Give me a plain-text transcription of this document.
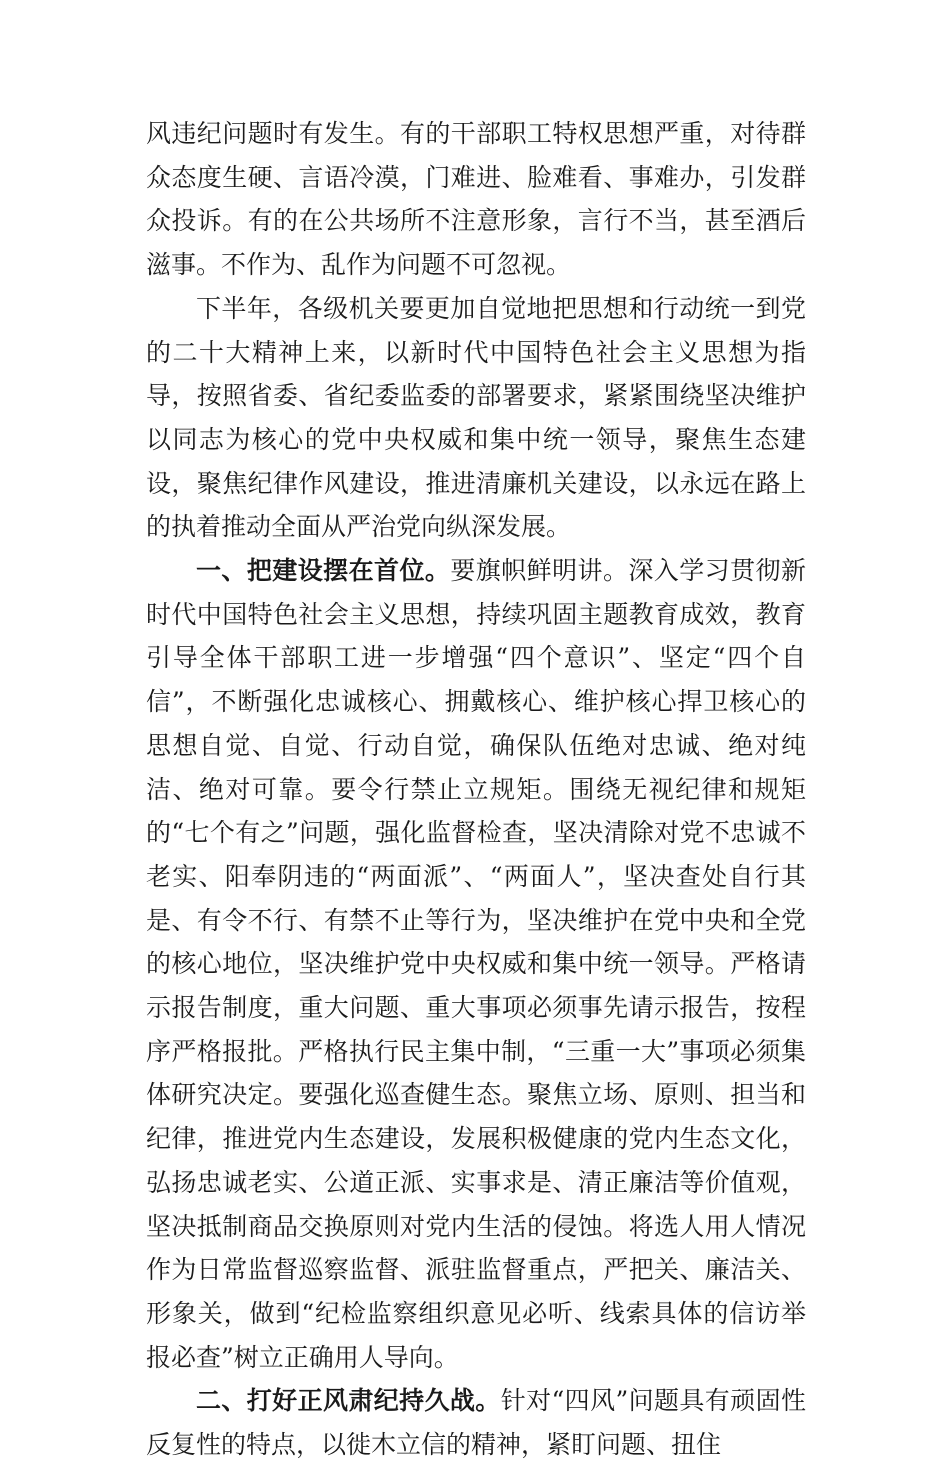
风违纪问题时有发生。有的干部职工特权思想严重，对待群众态度生硬、言语冷漠，门难进、脸难看、事难办，引发群众投诉。有的在公共场所不注意形象，言行不当，甚至酒后滋事。不作为、乱作为问题不可忽视。

下半年，各级机关要更加自觉地把思想和行动统一到党的二十大精神上来，以新时代中国特色社会主义思想为指导，按照省委、省纪委监委的部署要求，紧紧围绕坚决维护以同志为核心的党中央权威和集中统一领导，聚焦生态建设，聚焦纪律作风建设，推进清廉机关建设，以永远在路上的执着推动全面从严治党向纵深发展。

一、把建设摆在首位。要旗帜鲜明讲。深入学习贯彻新时代中国特色社会主义思想，持续巩固主题教育成效，教育引导全体干部职工进一步增强“四个意识”、坚定“四个自信”，不断强化忠诚核心、拥戴核心、维护核心捍卫核心的思想自觉、自觉、行动自觉，确保队伍绝对忠诚、绝对纯洁、绝对可靠。要令行禁止立规矩。围绕无视纪律和规矩的“七个有之”问题，强化监督检查，坚决清除对党不忠诚不老实、阳奉阴违的“两面派”、“两面人”，坚决查处自行其是、有令不行、有禁不止等行为，坚决维护在党中央和全党的核心地位，坚决维护党中央权威和集中统一领导。严格请示报告制度，重大问题、重大事项必须事先请示报告，按程序严格报批。严格执行民主集中制，“三重一大”事项必须集体研究决定。要强化巡查健生态。聚焦立场、原则、担当和纪律，推进党内生态建设，发展积极健康的党内生态文化，弘扬忠诚老实、公道正派、实事求是、清正廉洁等价值观，坚决抵制商品交换原则对党内生活的侵蚀。将选人用人情况作为日常监督巡察监督、派驻监督重点，严把关、廉洁关、形象关，做到“纪检监察组织意见必听、线索具体的信访举报必查”树立正确用人导向。

二、打好正风肃纪持久战。针对“四风”问题具有顽固性反复性的特点，以徙木立信的精神，紧盯问题、扭住
